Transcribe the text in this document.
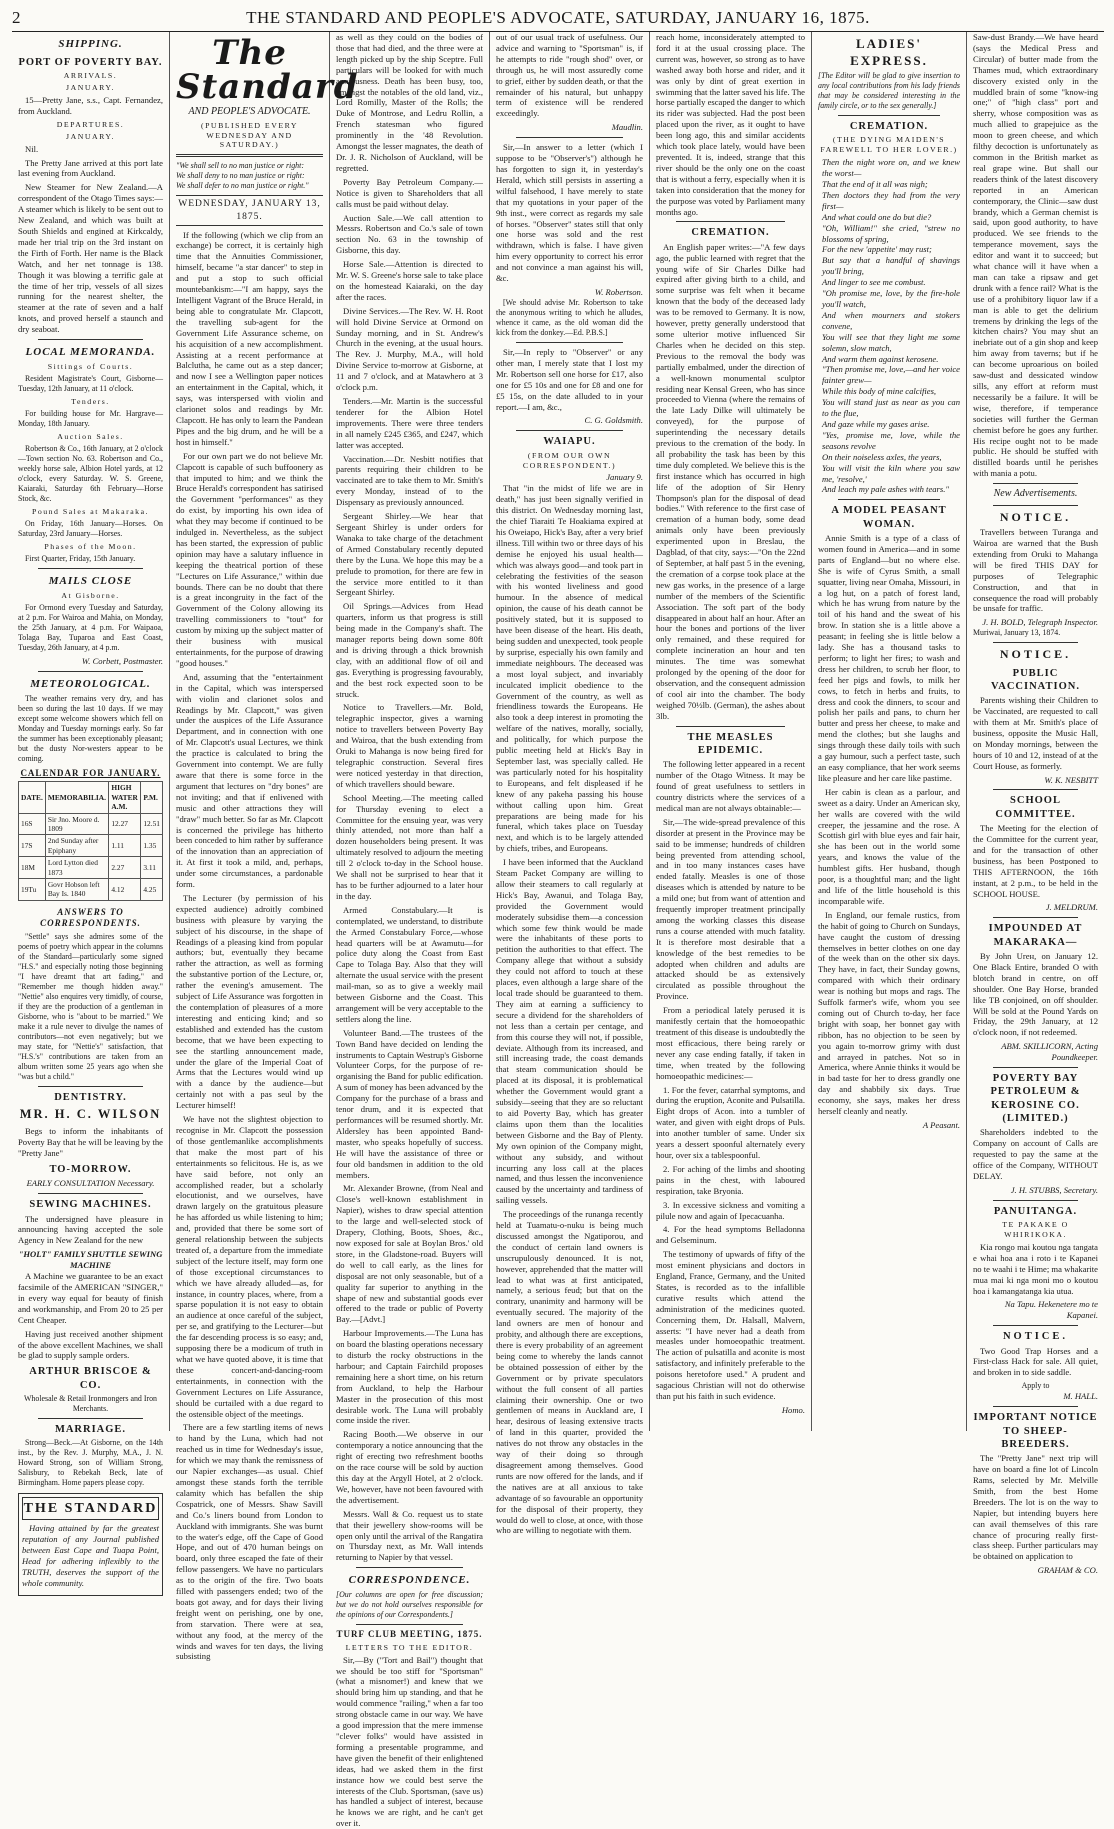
2	THE STANDARD AND PEOPLE'S ADVOCATE, SATURDAY, JANUARY 16, 1875.
SHIPPING.
PORT OF POVERTY BAY.
ARRIVALS.
JANUARY.

15—Pretty Jane, s.s., Capt. Fernandez, from Auckland.

DEPARTURES.
JANUARY.

Nil.

The Pretty Jane arrived at this port late last evening from Auckland.

New Steamer for New Zealand.—A correspondent of the Otago Times says:—A steamer which is likely to be sent out to New Zealand, and which was built at South Shields and engined at Kirkcaldy, made her trial trip on the 3rd instant on the Firth of Forth. Her name is the Black Watch, and her net tonnage is 138. Though it was blowing a terrific gale at the time of her trip, vessels of all sizes running for the nearest shelter, the steamer at the rate of seven and a half knots, and proved herself a staunch and dry seaboat.

LOCAL MEMORANDA.
Sittings of Courts.

Resident Magistrate's Court, Gisborne—Tuesday, 12th January, at 11 o'clock.

Tenders.

For building house for Mr. Hargrave—Monday, 18th January.

Auction Sales.

Robertson & Co., 16th January, at 2 o'clock—Town section No. 63. Robertson and Co., weekly horse sale, Albion Hotel yards, at 12 o'clock, every Saturday. W. S. Greene, Kaiaraki, Saturday 6th February—Horse Stock, &c.

Pound Sales at Makaraka.

On Friday, 16th January—Horses. On Saturday, 23rd January—Horses.

Phases of the Moon.

First Quarter, Friday, 15th January.

MAILS CLOSE
At Gisborne.

For Ormond every Tuesday and Saturday, at 2 p.m. For Wairoa and Mahia, on Monday, the 25th January, at 4 p.m. For Waipaoa, Tolaga Bay, Tuparoa and East Coast, Tuesday, 26th January, at 4 p.m.

W. Corbett, Postmaster.
METEOROLOGICAL.

The weather remains very dry, and has been so during the last 10 days. If we may except some welcome showers which fell on Monday and Tuesday mornings early. So far the summer has been exceptionably pleasant; but the dusty Nor-westers appear to be coming.

CALENDAR FOR JANUARY.
DATE.	MEMORABILIA.	HIGH WATER A.M.	P.M.
16S	Sir Jno. Moore d. 1809	12.27	12.51
17S	2nd Sunday after Epiphany	1.11	1.35
18M	Lord Lytton died 1873	2.27	3.11
19Tu	Govr Hobson left Bay Is. 1840	4.12	4.25
ANSWERS TO CORRESPONDENTS.

"Settle" says she admires some of the poems of poetry which appear in the columns of the Standard—particularly some signed "H.S." and especially noting those beginning "I have dreamt that art fading," and "Remember me though hidden away." "Nettie" also enquires very timidly, of course, if they are the production of a gentleman in Gisborne, who is "about to be married." We make it a rule never to divulge the names of contributors—not even negatively; but we may state, for "Nettie's" satisfaction, that "H.S.'s" contributions are taken from an album written some 25 years ago when she "was but a child."

DENTISTRY.
MR. H. C. WILSON

Begs to inform the inhabitants of Poverty Bay that he will be leaving by the "Pretty Jane"

TO-MORROW.
EARLY CONSULTATION Necessary.
SEWING MACHINES.

The undersigned have pleasure in announcing having accepted the sole Agency in New Zealand for the new

"HOLT" FAMILY SHUTTLE SEWING MACHINE

A Machine we guarantee to be an exact facsimile of the AMERICAN "SINGER," in every way equal for beauty of finish and workmanship, and From 20 to 25 per Cent Cheaper.

Having just received another shipment of the above excellent Machines, we shall be glad to supply sample orders.

ARTHUR BRISCOE & CO.
Wholesale & Retail Ironmongers and Iron Merchants.
MARRIAGE.

Strong—Beck.—At Gisborne, on the 14th inst., by the Rev. J. Murphy, M.A., J. N. Howard Strong, son of William Strong, Salisbury, to Rebekah Beck, late of Birmingham. Home papers please copy.

THE STANDARD

Having attained by far the greatest reputation of any Journal published between East Cape and Tuapa Point, Head for adhering inflexibly to the TRUTH, deserves the support of the whole community.

The Standard
AND PEOPLE'S ADVOCATE.
(PUBLISHED EVERY WEDNESDAY AND SATURDAY.)
"We shall sell to no man justice or right:
We shall deny to no man justice or right:
We shall defer to no man justice or right."
WEDNESDAY, JANUARY 13, 1875.

If the following (which we clip from an exchange) be correct, it is certainly high time that the Annuities Commissioner, himself, became "a star dancer" to step in and put a stop to such official mountebankism:—"I am happy, says the Intelligent Vagrant of the Bruce Herald, in being able to congratulate Mr. Clapcott, the travelling sub-agent for the Government Life Assurance scheme, on his acquisition of a new accomplishment. Assisting at a recent performance at Balclutha, he came out as a step dancer; and now I see a Wellington paper notices an entertainment in the Capital, which, it says, was interspersed with violin and clarionet solos and readings by Mr. Clapcott. He has only to learn the Pandean Pipes and the big drum, and he will be a host in himself."

For our own part we do not believe Mr. Clapcott is capable of such buffoonery as that imputed to him; and we think the Bruce Herald's correspondent has satirised the Government "performances" as they do exist, by importing his own idea of what they may become if continued to be indulged in. Nevertheless, as the subject has been started, the expression of public opinion may have a salutary influence in keeping the theatrical portion of these "Lectures on Life Assurance," within due bounds. There can be no doubt that there is a great incongruity in the fact of the Government of the Colony allowing its travelling commissioners to "tout" for custom by mixing up the subject matter of their business with musical entertainments, for the purpose of drawing "good houses."

And, assuming that the "entertainment in the Capital, which was interspersed with violin and clarionet solos and Readings by Mr. Clapcott," was given under the auspices of the Life Assurance Department, and in connection with one of Mr. Clapcott's usual Lectures, we think the practice is calculated to bring the Government into contempt. We are fully aware that there is some force in the argument that lectures on "dry bones" are not inviting; and that if enlivened with music and other attractions they will "draw" much better. So far as Mr. Clapcott is concerned the privilege has hitherto been conceded to him rather by sufferance of the innovation than an appreciation of it. At first it took a mild, and, perhaps, under some circumstances, a pardonable form.

The Lecturer (by permission of his expected audience) adroitly combined business with pleasure by varying the subject of his discourse, in the shape of Readings of a pleasing kind from popular authors; but, eventually they became rather the attraction, as well as forming the substantive portion of the Lecture, or, rather the evening's amusement. The subject of Life Assurance was forgotten in the contemplation of pleasures of a more interesting and enticing kind; and so established and extended has the custom become, that we have been expecting to see the startling announcement made, under the glare of the Imperial Coat of Arms that the Lectures would wind up with a dance by the audience—but certainly not with a pas seul by the Lecturer himself!

We have not the slightest objection to recognise in Mr. Clapcott the possession of those gentlemanlike accomplishments that make the most part of his entertainments so felicitous. He is, as we have said before, not only an accomplished reader, but a scholarly elocutionist, and we ourselves, have drawn largely on the gratuitous pleasure he has afforded us while listening to him; and, provided that there be some sort of general relationship between the subjects treated of, a departure from the immediate subject of the lecture itself, may form one of those exceptional circumstances to which we have already alluded—as, for instance, in country places, where, from a sparse population it is not easy to obtain an audience at once careful of the subject, per se, and gratifying to the Lecturer—but the far descending process is so easy; and, supposing there be a modicum of truth in what we have quoted above, it is time that these concert-and-dancing-room entertainments, in connection with the Government Lectures on Life Assurance, should be curtailed with a due regard to the ostensible object of the meetings.

There are a few startling items of news to hand by the Luna, which had not reached us in time for Wednesday's issue, for which we may thank the remissness of our Napier exchanges—as usual. Chief amongst these stands forth the terrible calamity which has befallen the ship Cospatrick, one of Messrs. Shaw Savill and Co.'s liners bound from London to Auckland with immigrants. She was burnt to the water's edge, off the Cape of Good Hope, and out of 470 human beings on board, only three escaped the fate of their fellow passengers. We have no particulars as to the origin of the fire. Two boats filled with passengers ended; two of the boats got away, and for days their living freight went on perishing, one by one, from starvation. There were at sea, without any food, at the mercy of the winds and waves for ten days, the living subsisting

as well as they could on the bodies of those that had died, and the three were at length picked up by the ship Sceptre. Full particulars will be looked for with much anxiousness. Death has been busy, too, amongst the notables of the old land, viz., Lord Romilly, Master of the Rolls; the Duke of Montrose, and Ledru Rollin, a French statesman who figured prominently in the '48 Revolution. Amongst the lesser magnates, the death of Dr. J. R. Nicholson of Auckland, will be regretted.

Poverty Bay Petroleum Company.—Notice is given to Shareholders that all calls must be paid without delay.

Auction Sale.—We call attention to Messrs. Robertson and Co.'s sale of town section No. 63 in the township of Gisborne, this day.

Horse Sale.—Attention is directed to Mr. W. S. Greene's horse sale to take place on the homestead Kaiaraki, on the day after the races.

Divine Services.—The Rev. W. H. Root will hold Divine Service at Ormond on Sunday morning, and in St. Andrew's Church in the evening, at the usual hours. The Rev. J. Murphy, M.A., will hold Divine Service to-morrow at Gisborne, at 11 and 7 o'clock, and at Matawhero at 3 o'clock p.m.

Tenders.—Mr. Martin is the successful tenderer for the Albion Hotel improvements. There were three tenders in all namely £245 £365, and £247, which latter was accepted.

Vaccination.—Dr. Nesbitt notifies that parents requiring their children to be vaccinated are to take them to Mr. Smith's every Monday, instead of to the Dispensary as previously announced.

Sergeant Shirley.—We hear that Sergeant Shirley is under orders for Wanaka to take charge of the detachment of Armed Constabulary recently deputed there by the Luna. We hope this may be a prelude to promotion, for there are few in the service more entitled to it than Sergeant Shirley.

Oil Springs.—Advices from Head quarters, inform us that progress is still being made in the Company's shaft. The manager reports being down some 80ft and is driving through a thick brownish clay, with an additional flow of oil and gas. Everything is progressing favourably, and the best rock expected soon to be struck.

Notice to Travellers.—Mr. Bold, telegraphic inspector, gives a warning notice to travellers between Poverty Bay and Wairoa, that the bush extending from Oruki to Mahanga is now being fired for telegraphic construction. Several fires were noticed yesterday in that direction, of which travellers should beware.

School Meeting.—The meeting called for Thursday evening to elect a Committee for the ensuing year, was very thinly attended, not more than half a dozen householders being present. It was ultimately resolved to adjourn the meeting till 2 o'clock to-day in the School house. We shall not be surprised to hear that it has to be further adjourned to a later hour in the day.

Armed Constabulary.—It is contemplated, we understand, to distribute the Armed Constabulary Force,—whose head quarters will be at Awamutu—for police duty along the Coast from East Cape to Tolaga Bay. Also that they will alternate the usual service with the present mail-man, so as to give a weekly mail between Gisborne and the Coast. This arrangement will be very acceptable to the settlers along the line.

Volunteer Band.—The trustees of the Town Band have decided on lending the instruments to Captain Westrup's Gisborne Volunteer Corps, for the purpose of re-organising the Band for public edification. A sum of money has been advanced by the Company for the purchase of a brass and tenor drum, and it is expected that performances will be resumed shortly. Mr. Aldersley has been appointed Band-master, who speaks hopefully of success. He will have the assistance of three or four old bandsmen in addition to the old members.

Mr. Alexander Browne, (from Neal and Close's well-known establishment in Napier), wishes to draw special attention to the large and well-selected stock of Drapery, Clothing, Boots, Shoes, &c., now exposed for sale at Boylan Bros.' old store, in the Gladstone-road. Buyers will do well to call early, as the lines for disposal are not only seasonable, but of a quality far superior to anything in the shape of new and substantial goods ever offered to the trade or public of Poverty Bay.—[Advt.]

Harbour Improvements.—The Luna has on board the blasting operations necessary to disturb the rocky obstructions in the harbour; and Captain Fairchild proposes remaining here a short time, on his return from Auckland, to help the Harbour Master in the prosecution of this most desirable work. The Luna will probably come inside the river.

Racing Booth.—We observe in our contemporary a notice announcing that the right of erecting two refreshment booths on the race course will be sold by auction this day at the Argyll Hotel, at 2 o'clock. We, however, have not been favoured with the advertisement.

Messrs. Wall & Co. request us to state that their jewellery show-rooms will be open only until the arrival of the Rangatira on Thursday next, as Mr. Wall intends returning to Napier by that vessel.

CORRESPONDENCE.

[Our columns are open for free discussion; but we do not hold ourselves responsible for the opinions of our Correspondents.]

TURF CLUB MEETING, 1875.
LETTERS TO THE EDITOR.

Sir,—By ("Tort and Bail") thought that we should be too stiff for "Sportsman" (what a misnomer!) and knew that we should bring him up standing, and that he would commence "railing," when a far too strong obstacle came in our way. We have a good impression that the mere immense "clever folks" would have assisted in forming a presentable programme, and have given the benefit of their enlightened ideas, had we asked them in the first instance how we could best serve the interests of the Club. Sportsman, (save us) has handled a subject of interest, because he knows we are right, and he can't get over it.

out of our usual track of usefulness. Our advice and warning to "Sportsman" is, if he attempts to ride "rough shod" over, or through us, he will most assuredly come to grief, either by sudden death, or that the remainder of his natural, but unhappy term of existence will be rendered exceedingly.

Maudlin.

Sir,—In answer to a letter (which I suppose to be "Observer's") although he has forgotten to sign it, in yesterday's Herald, which still persists in asserting a wilful falsehood, I have merely to state that my quotations in your paper of the 9th inst., were correct as regards my sale of horses. "Observer" states still that only one horse was sold and the rest withdrawn, which is false. I have given him every opportunity to correct his error and not convince a man against his will, &c.

W. Robertson.

[We should advise Mr. Robertson to take the anonymous writing to which he alludes, whence it came, as the old woman did the kick from the donkey.—Ed. P.B.S.]

Sir,—In reply to "Observer" or any other man, I merely state that I lost my Mr. Robertson sell one horse for £17, also one for £5 10s and one for £8 and one for £5 15s, on the date alluded to in your report.—I am, &c.,

C. G. Goldsmith.
WAIAPU.
(FROM OUR OWN CORRESPONDENT.)
January 9.

That "in the midst of life we are in death," has just been signally verified in this district. On Wednesday morning last, the chief Tiaraiti Te Hoakiama expired at his Oweiapo, Hick's Bay, after a very brief illness. Till within two or three days of his demise he enjoyed his usual health—which was always good—and took part in celebrating the festivities of the season with his wonted liveliness and good humour. In the absence of medical opinion, the cause of his death cannot be positively stated, but it is supposed to have been disease of the heart. His death, being sudden and unexpected, took people by surprise, especially his own family and immediate neighbours. The deceased was a most loyal subject, and invariably inculcated implicit obedience to the Government of the country, as well as friendliness towards the Europeans. He also took a deep interest in promoting the welfare of the natives, morally, socially, and politically, for which purpose the public meeting held at Hick's Bay in September last, was specially called. He was particularly noted for his hospitality to Europeans, and felt displeased if he knew of any pakeha passing his house without calling upon him. Great preparations are being made for his funeral, which takes place on Tuesday next, and which is to be largely attended by chiefs, tribes, and Europeans.

I have been informed that the Auckland Steam Packet Company are willing to allow their steamers to call regularly at Hick's Bay, Awanui, and Tolaga Bay, provided the Government would moderately subsidise them—a concession which some few think would be made were the inhabitants of these ports to petition the authorities to that effect. The Company allege that without a subsidy they could not afford to touch at these places, even although a large share of the local trade should be guaranteed to them. They aim at earning a sufficiency to secure a dividend for the shareholders of not less than a certain per centage, and from this course they will not, if possible, deviate. Although from its increased, and still increasing trade, the coast demands that steam communication should be placed at its disposal, it is problematical whether the Government would grant a subsidy—seeing that they are so reluctant to aid Poverty Bay, which has greater claims upon them than the localities between Gisborne and the Bay of Plenty. My own opinion of the Company might, without any subsidy, and without incurring any loss call at the places named, and thus lessen the inconvenience caused by the uncertainty and tardiness of sailing vessels.

The proceedings of the runanga recently held at Tuamatu-o-nuku is being much discussed amongst the Ngatiporou, and the conduct of certain land owners is unscrupulously denounced. It is not, however, apprehended that the matter will lead to what was at first anticipated, namely, a serious feud; but that on the contrary, unanimity and harmony will be eventually secured. The majority of the land owners are men of honour and probity, and although there are exceptions, there is every probability of an agreement being come to whereby the lands cannot be obtained possession of either by the Government or by private speculators without the full consent of all parties claiming their ownership. One or two gentlemen of means in Auckland are, I hear, desirous of leasing extensive tracts of land in this quarter, provided the natives do not throw any obstacles in the way of their doing so through disagreement among themselves. Good runts are now offered for the lands, and if the natives are at all anxious to take advantage of so favourable an opportunity for the disposal of their property, they would do well to close, at once, with those who are willing to negotiate with them.

reach home, inconsiderately attempted to ford it at the usual crossing place. The current was, however, so strong as to have washed away both horse and rider, and it was only by dint of great exertion in swimming that the latter saved his life. The horse partially escaped the danger to which its rider was subjected. Had the post been placed upon the river, as it ought to have been long ago, this and similar accidents which took place lately, would have been prevented. It is, indeed, strange that this river should be the only one on the coast that is without a ferry, especially when it is taken into consideration that the money for the purpose was voted by Parliament many months ago.

CREMATION.

An English paper writes:—"A few days ago, the public learned with regret that the young wife of Sir Charles Dilke had expired after giving birth to a child, and some surprise was felt when it became known that the body of the deceased lady was to be removed to Germany. It is now, however, pretty generally understood that some ulterior motive influenced Sir Charles when he decided on this step. Previous to the removal the body was partially embalmed, under the direction of a well-known monumental sculptor residing near Kensal Green, who has since proceeded to Vienna (where the remains of the late Lady Dilke will ultimately be conveyed), for the purpose of superintending the necessary details previous to the cremation of the body. In all probability the task has been by this time duly completed. We believe this is the first instance which has occurred in high life of the adoption of Sir Henry Thompson's plan for the disposal of dead bodies." With reference to the first case of cremation of a human body, some dead animals only have been previously experimented upon in Breslau, the Dagblad, of that city, says:—"On the 22nd of September, at half past 5 in the evening, the cremation of a corpse took place at the new gas works, in the presence of a large number of the members of the Scientific Association. The soft part of the body disappeared in about half an hour. After an hour the bones and portions of the liver only remained, and these required for complete incineration an hour and ten minutes. The time was somewhat prolonged by the opening of the door for observation, and the consequent admission of cool air into the chamber. The body weighed 70½lb. (German), the ashes about 3lb.

THE MEASLES EPIDEMIC.

The following letter appeared in a recent number of the Otago Witness. It may be found of great usefulness to settlers in country districts where the services of a medical man are not always obtainable:—

Sir,—The wide-spread prevalence of this disorder at present in the Province may be said to be immense; hundreds of children being prevented from attending school, and in too many instances cases have ended fatally. Measles is one of those diseases which is attended by nature to be a mild one; but from want of attention and frequently improper treatment principally among the working classes this disease runs a course attended with much fatality. It is therefore most desirable that a knowledge of the best remedies to be adopted when children and adults are attacked should be as extensively circulated as possible throughout the Province.

From a periodical lately perused it is manifestly certain that the homoeopathic treatment of this disease is undoubtedly the most efficacious, there being rarely or never any case ending fatally, if taken in time, when treated by the following homoeopathic medicines:—

1. For the fever, catarrhal symptoms, and during the eruption, Aconite and Pulsatilla. Eight drops of Acon. into a tumbler of water, and given with eight drops of Puls. into another tumbler of same. Under six years a dessert spoonful alternately every hour, over six a tablespoonful.

2. For aching of the limbs and shooting pains in the chest, with laboured respiration, take Bryonia.

3. In excessive sickness and vomiting a pilule now and again of Ipecacuanha.

4. For the head symptoms Belladonna and Gelseminum.

The testimony of upwards of fifty of the most eminent physicians and doctors in England, France, Germany, and the United States, is recorded as to the infallible curative results which attend the administration of the medicines quoted. Concerning them, Dr. Halsall, Malvern, asserts: "I have never had a death from measles under homoeopathic treatment. The action of pulsatilla and aconite is most satisfactory, and infinitely preferable to the poisons heretofore used." A prudent and sagacious Christian will not do otherwise than put his faith in such evidence.

Homo.
LADIES' EXPRESS.

[The Editor will be glad to give insertion to any local contributions from his lady friends that may be considered interesting in the family circle, or to the sex generally.]

CREMATION.
(THE DYING MAIDEN'S FAREWELL TO HER LOVER.)
Then the night wore on, and we knew the worst—
That the end of it all was nigh;
Then doctors they had from the very first—
And what could one do but die?
"Oh, William!" she cried, "strew no blossoms of spring,
For the new 'appetite' may rust;
But say that a handful of shavings you'll bring,
And linger to see me combust.
"Oh promise me, love, by the fire-hole you'll watch,
And when mourners and stokers convene,
You will see that they light me some solemn, slow match,
And warm them against kerosene.
"Then promise me, love,—and her voice fainter grew—
While this body of mine calcifies,
You will stand just as near as you can to the flue,
And gaze while my gases arise.
"Yes, promise me, love, while the seasons revolve
On their noiseless axles, the years,
You will visit the kiln where you saw me, 'resolve,'
And leach my pale ashes with tears."
A MODEL PEASANT WOMAN.

Annie Smith is a type of a class of women found in America—and in some parts of England—but no where else. She is wife of Cyrus Smith, a small squatter, living near Omaha, Missouri, in a log hut, on a patch of forest land, which he has wrung from nature by the toil of his hand and the sweat of his brow. In station she is a little above a peasant; in feeling she is little below a lady. She has a thousand tasks to perform; to light her fires; to wash and dress her children, to scrub her floor, to feed her pigs and fowls, to milk her cows, to fetch in herbs and fruits, to dress and cook the dinners, to scour and polish her pails and pans, to churn her butter and press her cheese, to make and mend the clothes; but she laughs and sings through these daily toils with such a gay humour, such a perfect taste, such an easy compliance, that her work seems like pleasure and her care like pastime.

Her cabin is clean as a parlour, and sweet as a dairy. Under an American sky, her walls are covered with the wild creeper, the jessamine and the rose. A Scottish girl with blue eyes and fair hair, she has been out in the world some years, and knows the value of the humblest gifts. Her husband, though poor, is a thoughtful man; and the light and life of the little household is this incomparable wife.

In England, our female rustics, from the habit of going to Church on Sundays, have caught the custom of dressing themselves in better clothes on one day of the week than on the other six days. They have, in fact, their Sunday gowns, compared with which their ordinary wear is nothing but mops and rags. The Suffolk farmer's wife, whom you see coming out of Church to-day, her face bright with soap, her bonnet gay with ribbon, has no objection to be seen by you again to-morrow grimy with dust and arrayed in patches. Not so in America, where Annie thinks it would be in bad taste for her to dress grandly one day and shabbily six days. True economy, she says, makes her dress herself cleanly and neatly.

A Peasant.

Saw-dust Brandy.—We have heard (says the Medical Press and Circular) of butter made from the Thames mud, which extraordinary discovery existed only in the muddled brain of some "know-ing one;" of "high class" port and sherry, whose composition was as much allied to grapejuice as the moon to green cheese, and which filthy decoction is unfortunately as common in the British market as real grape wine. But shall our readers think of the latest discovery reported in an American contemporary, the Clinic—saw dust brandy, which a German chemist is said, upon good authority, to have produced. We see friends to the temperance movement, says the editor and want it to succeed; but what chance will it have when a man can take a ripsaw and get drunk with a fence rail? What is the use of a prohibitory liquor law if a man is able to get the delirium tremens by drinking the legs of the kitchen chairs? You may shut an inebriate out of a gin shop and keep him away from taverns; but if he can become uproarious on boiled saw-dust and dessicated window sills, any effort at reform must necessarily be a failure. It will be wise, therefore, if temperance societies will further the German chemist before he goes any further. His recipe ought not to be made public. He should be stuffed with distilled boards until he perishes with mania a potu.

New Advertisements.
NOTICE.

Travellers between Turanga and Wairoa are warned that the Bush extending from Oruki to Mahanga will be fired THIS DAY for purposes of Telegraphic Construction, and that in consequence the road will probably be unsafe for traffic.

J. H. BOLD, Telegraph Inspector.
Muriwai, January 13, 1874.
NOTICE.
PUBLIC VACCINATION.

Parents wishing their Children to be Vaccinated, are requested to call with them at Mr. Smith's place of business, opposite the Music Hall, on Monday mornings, between the hours of 10 and 12, instead of at the Court House, as formerly.

W. K. NESBITT
SCHOOL COMMITTEE.

The Meeting for the election of the Committee for the current year, and for the transaction of other business, has been Postponed to THIS AFTERNOON, the 16th instant, at 2 p.m., to be held in the SCHOOL HOUSE.

J. MELDRUM.
IMPOUNDED AT MAKARAKA—

By John Ureн, on January 12. One Black Entire, branded O with blotch brand in centre, on off shoulder. One Bay Horse, branded like TB conjoined, on off shoulder. Will be sold at the Pound Yards on Friday, the 29th January, at 12 o'clock noon, if not redeemed.

ABM. SKILLICORN, Acting Poundkeeper.
POVERTY BAY PETROLEUM & KEROSINE CO. (LIMITED.)

Shareholders indebted to the Company on account of Calls are requested to pay the same at the office of the Company, WITHOUT DELAY.

J. H. STUBBS, Secretary.
PANUITANGA.
TE PAKAKE O WHIRIKOKA.

Kia rongo mai koutou nga tangata e whai hoa ana i roto i te Kapanei no te waahi i te Hime; ma whakarite mua mai ki nga moni mo o koutou hoa i kamangatanga kia utua.

Na Tapu. Hekenetere mo te Kapanei.
NOTICE.

Two Good Trap Horses and a First-class Hack for sale. All quiet, and broken in to side saddle.

Apply to
M. HALL.
IMPORTANT NOTICE TO SHEEP-BREEDERS.

The "Pretty Jane" next trip will have on board a fine lot of Lincoln Rams, selected by Mr. Melville Smith, from the best Home Breeders. The lot is on the way to Napier, but intending buyers here can avail themselves of this rare chance of procuring really first-class sheep. Further particulars may be obtained on application to

GRAHAM & CO.
